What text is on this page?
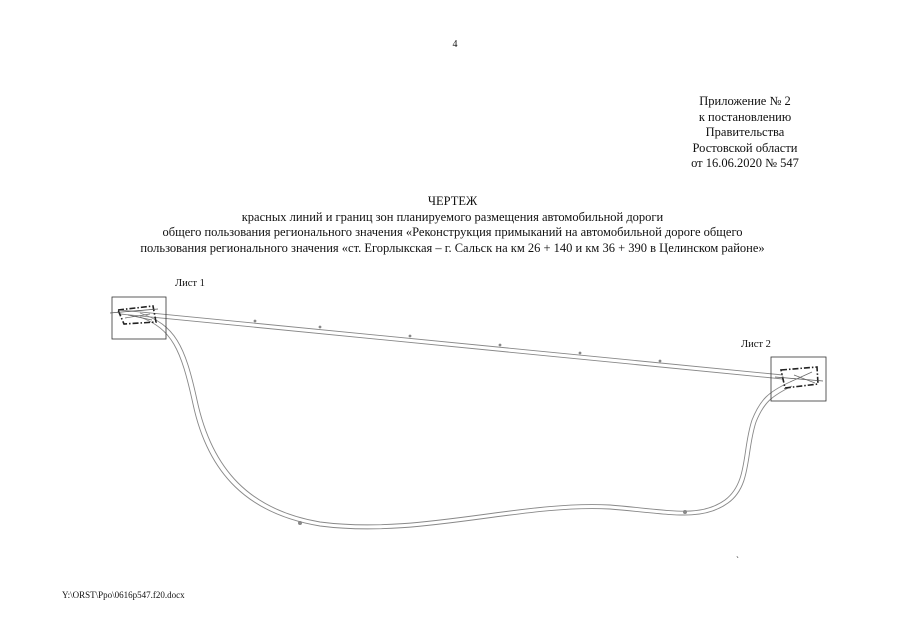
4
Приложение № 2
к постановлению
Правительства
Ростовской области
от 16.06.2020 № 547
ЧЕРТЕЖ
красных линий и границ зон планируемого размещения автомобильной дороги
общего пользования регионального значения «Реконструкция примыканий на автомобильной дороге общего
пользования регионального значения «ст. Егорлыкская – г. Сальск на км 26 + 140 и км 36 + 390 в Целинском районе»
Лист 1
Лист 2
`
Y:\ORST\Ppo\0616p547.f20.docx
